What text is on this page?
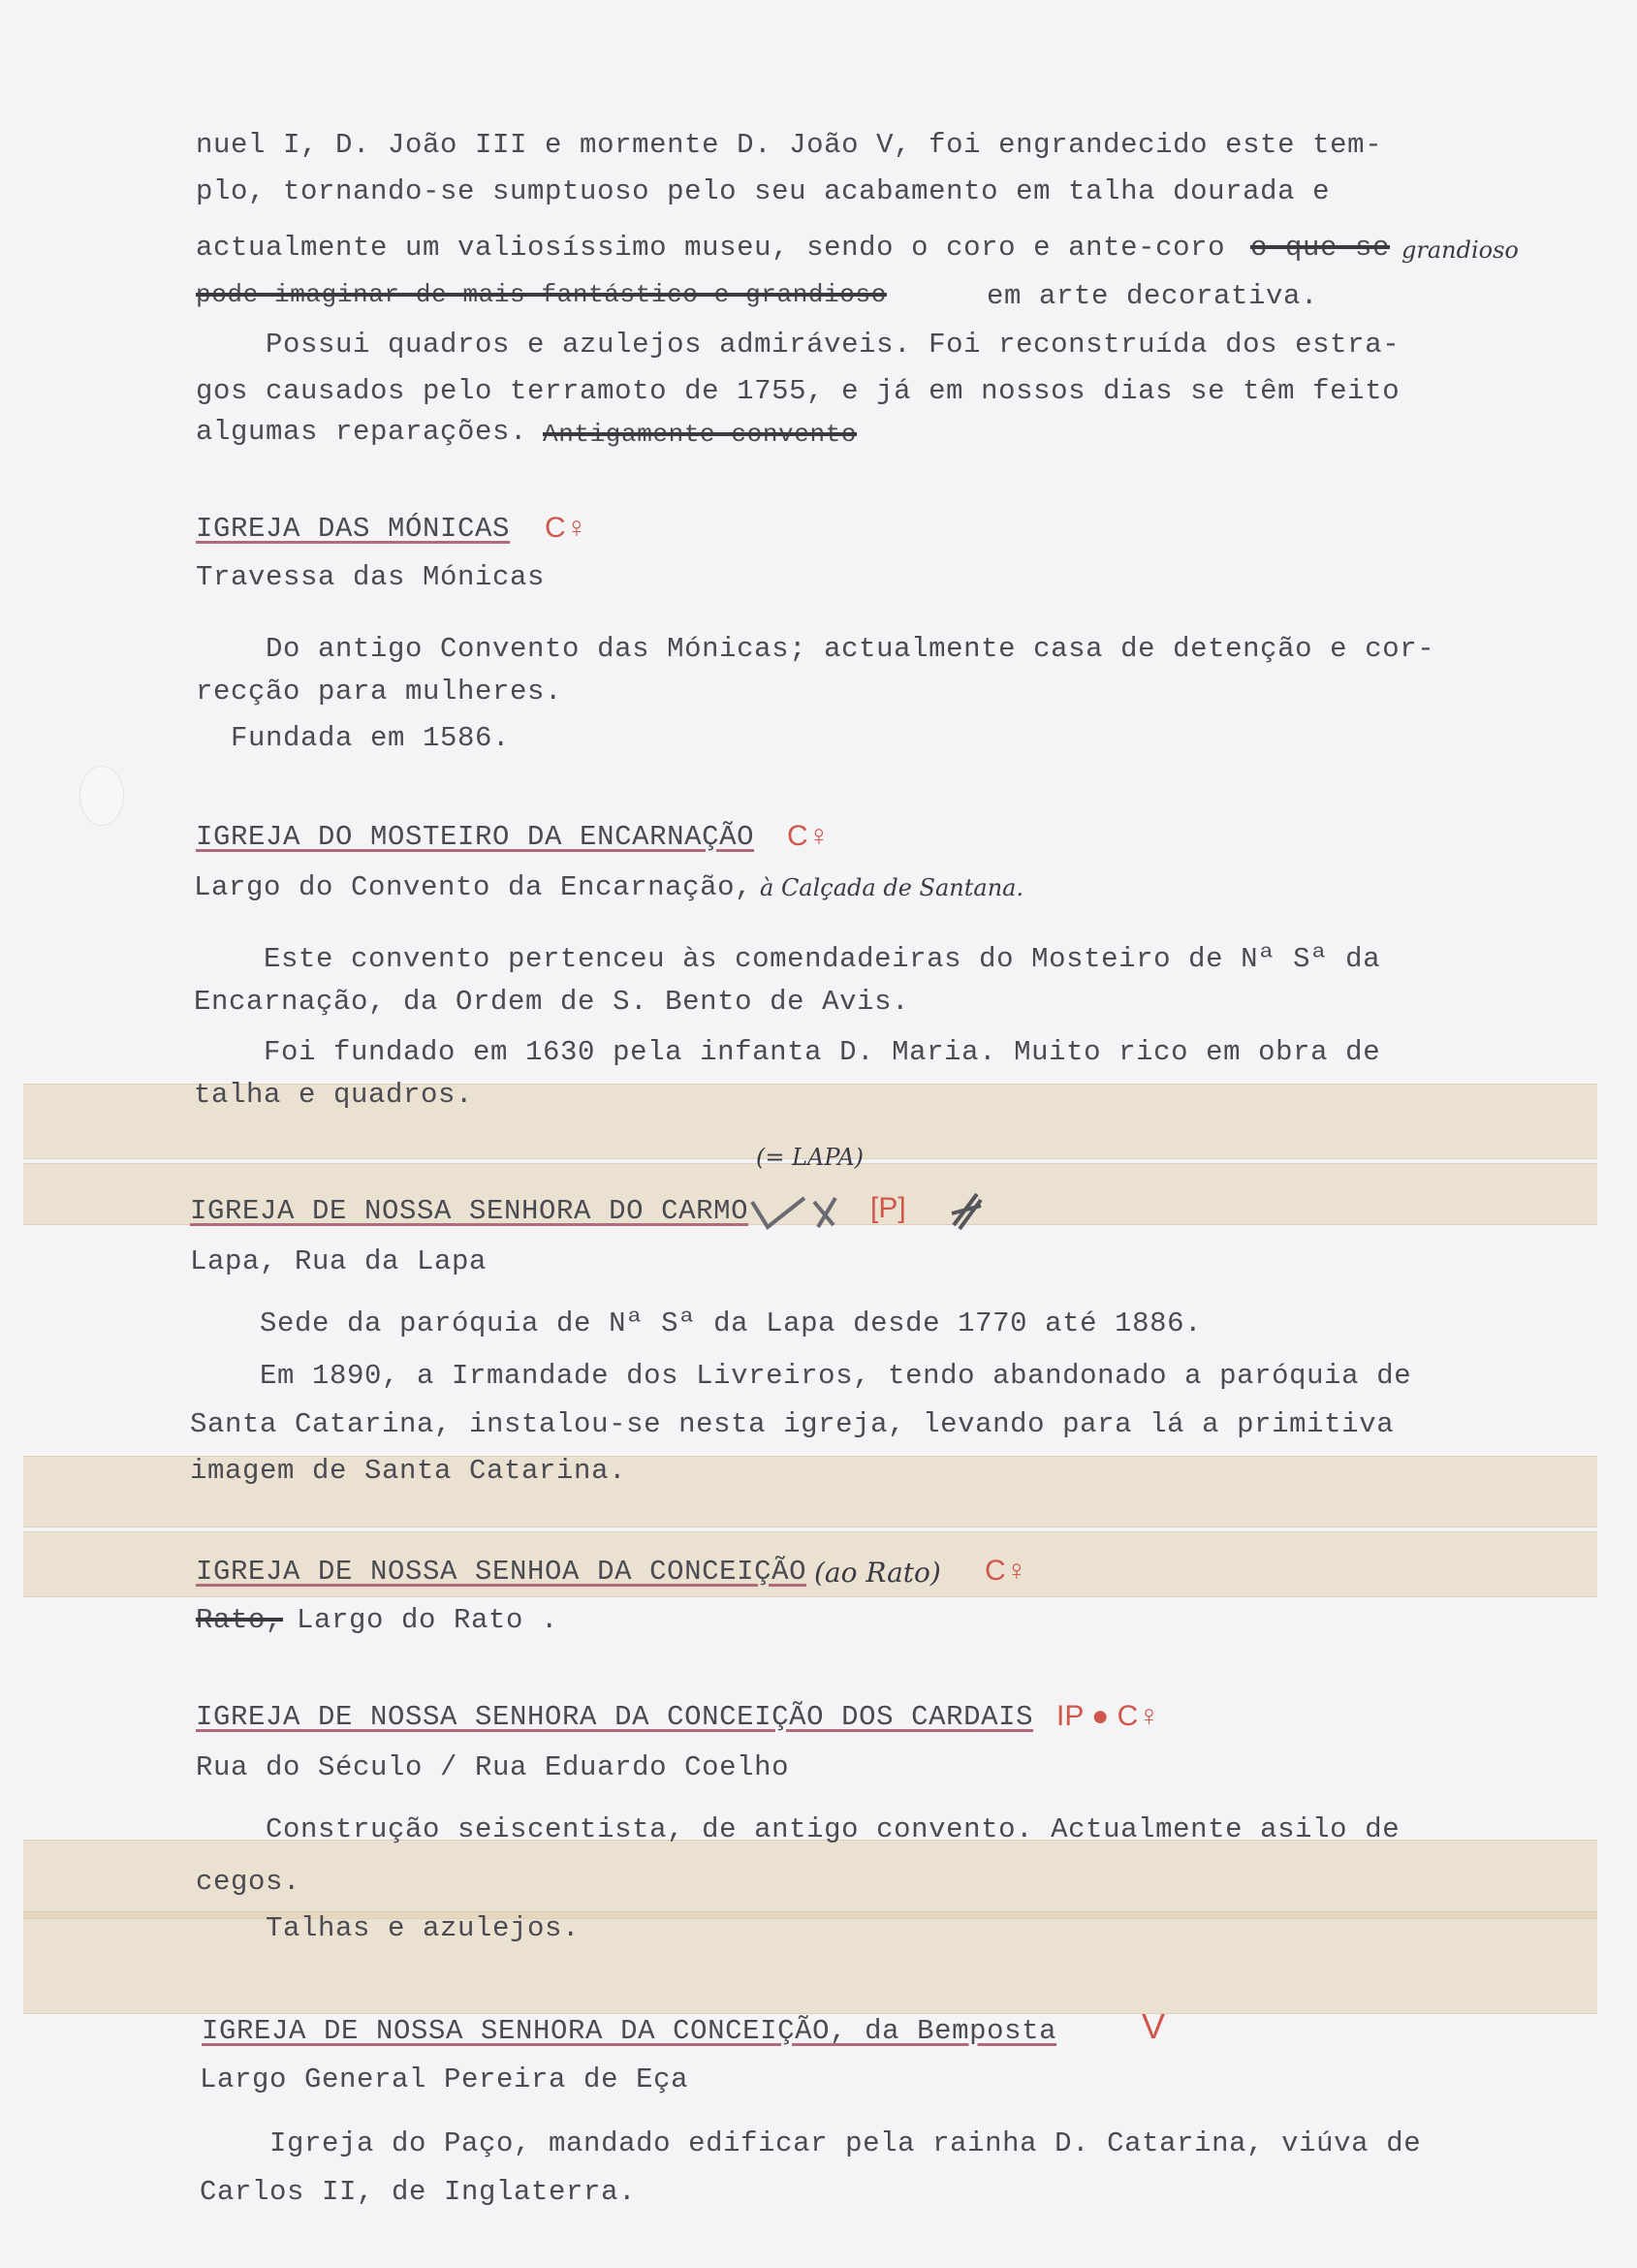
nuel I, D. João III e mormente D. João V, foi engrandecido este tem-
plo, tornando-se sumptuoso pelo seu acabamento em talha dourada e
actualmente um valiosíssimo museu, sendo o coro e ante-coro o que se grandioso
pode imaginar de mais fantástico e grandioso	em arte decorativa.
Possui quadros e azulejos admiráveis. Foi reconstruída dos estra-
gos causados pelo terramoto de 1755, e já em nossos dias se têm feito
algumas reparações. Antigamente convento
IGREJA DAS MÓNICAS C♀
Travessa das Mónicas
Do antigo Convento das Mónicas; actualmente casa de detenção e cor-
recção para mulheres.
Fundada em 1586.
IGREJA DO MOSTEIRO DA ENCARNAÇÃO C♀
Largo do Convento da Encarnação, à Calçada de Santana.
Este convento pertenceu às comendadeiras do Mosteiro de Nª Sª da
Encarnação, da Ordem de S. Bento de Avis.
Foi fundado em 1630 pela infanta D. Maria. Muito rico em obra de
talha e quadros.
(= LAPA)
IGREJA DE NOSSA SENHORA DO CARMO	[P]
Lapa, Rua da Lapa
Sede da paróquia de Nª Sª da Lapa desde 1770 até 1886.
Em 1890, a Irmandade dos Livreiros, tendo abandonado a paróquia de
Santa Catarina, instalou-se nesta igreja, levando para lá a primitiva
imagem de Santa Catarina.
IGREJA DE NOSSA SENHOA DA CONCEIÇÃO (ao Rato) C♀
Rato, Largo do Rato .
IGREJA DE NOSSA SENHORA DA CONCEIÇÃO DOS CARDAIS IP ● C♀
Rua do Século / Rua Eduardo Coelho
Construção seiscentista, de antigo convento. Actualmente asilo de
cegos.
Talhas e azulejos.
IGREJA DE NOSSA SENHORA DA CONCEIÇÃO, da Bemposta V
Largo General Pereira de Eça
Igreja do Paço, mandado edificar pela rainha D. Catarina, viúva de
Carlos II, de Inglaterra.
